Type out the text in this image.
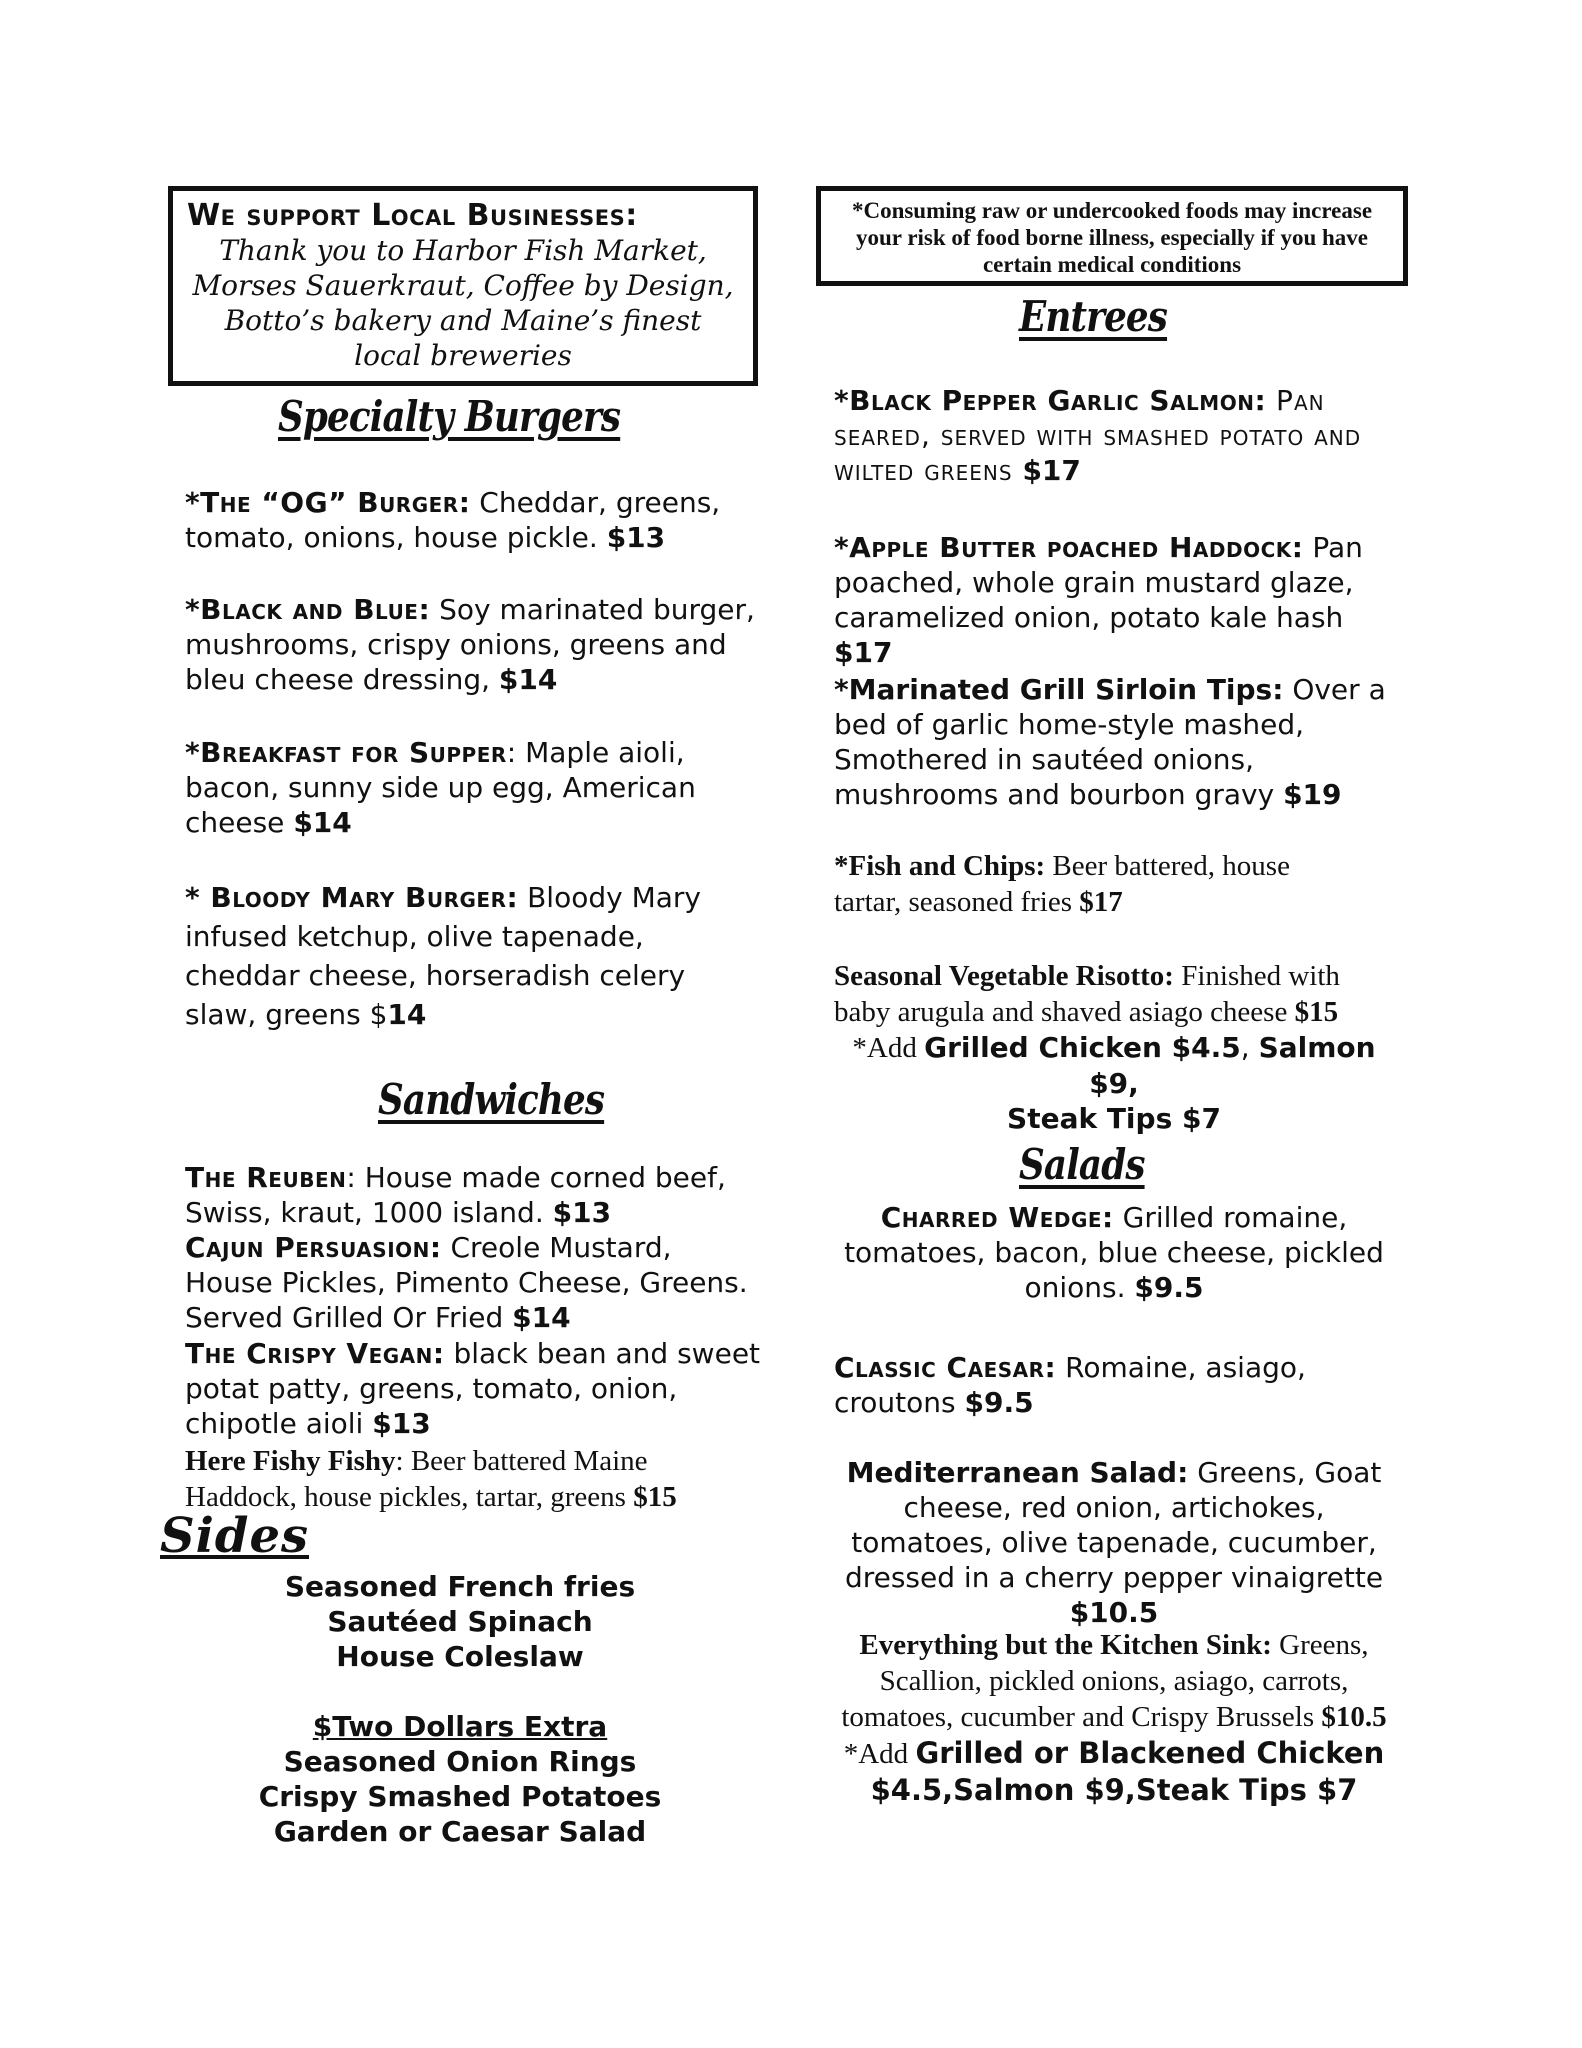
We support Local Businesses:
Thank you to Harbor Fish Market, Morses Sauerkraut, Coffee by Design, Botto’s bakery and Maine’s finest local breweries
Specialty Burgers
*The “OG” Burger: Cheddar, greens, tomato, onions, house pickle. $13
*Black and Blue: Soy marinated burger, mushrooms, crispy onions, greens and bleu cheese dressing, $14
*Breakfast for Supper: Maple aioli, bacon, sunny side up egg, American cheese $14
* Bloody Mary Burger: Bloody Mary infused ketchup, olive tapenade, cheddar cheese, horseradish celery slaw, greens $14
Sandwiches
The Reuben: House made corned beef, Swiss, kraut, 1000 island. $13
Cajun Persuasion: Creole Mustard, House Pickles, Pimento Cheese, Greens. Served Grilled Or Fried $14
The Crispy Vegan: black bean and sweet potat patty, greens, tomato, onion, chipotle aioli $13
Here Fishy Fishy: Beer battered Maine Haddock, house pickles, tartar, greens $15
Sides
Seasoned French fries
Sautéed Spinach
House Coleslaw
$Two Dollars Extra
Seasoned Onion Rings
Crispy Smashed Potatoes
Garden or Caesar Salad
*Consuming raw or undercooked foods may increase your risk of food borne illness, especially if you have certain medical conditions
Entrees
*Black Pepper Garlic Salmon: Pan seared, served with smashed potato and wilted greens $17
*Apple Butter poached Haddock: Pan poached, whole grain mustard glaze, caramelized onion, potato kale hash $17
*Marinated Grill Sirloin Tips: Over a bed of garlic home-style mashed, Smothered in sautéed onions, mushrooms and bourbon gravy $19
*Fish and Chips: Beer battered, house tartar, seasoned fries $17
Seasonal Vegetable Risotto: Finished with baby arugula and shaved asiago cheese $15
*Add Grilled Chicken $4.5, Salmon $9,
Steak Tips $7
Salads
Charred Wedge: Grilled romaine, tomatoes, bacon, blue cheese, pickled onions. $9.5
Classic Caesar: Romaine, asiago, croutons $9.5
Mediterranean Salad: Greens, Goat cheese, red onion, artichokes, tomatoes, olive tapenade, cucumber, dressed in a cherry pepper vinaigrette $10.5
Everything but the Kitchen Sink: Greens, Scallion, pickled onions, asiago, carrots, tomatoes, cucumber and Crispy Brussels $10.5 *Add Grilled or Blackened Chicken $4.5,Salmon $9,Steak Tips $7
